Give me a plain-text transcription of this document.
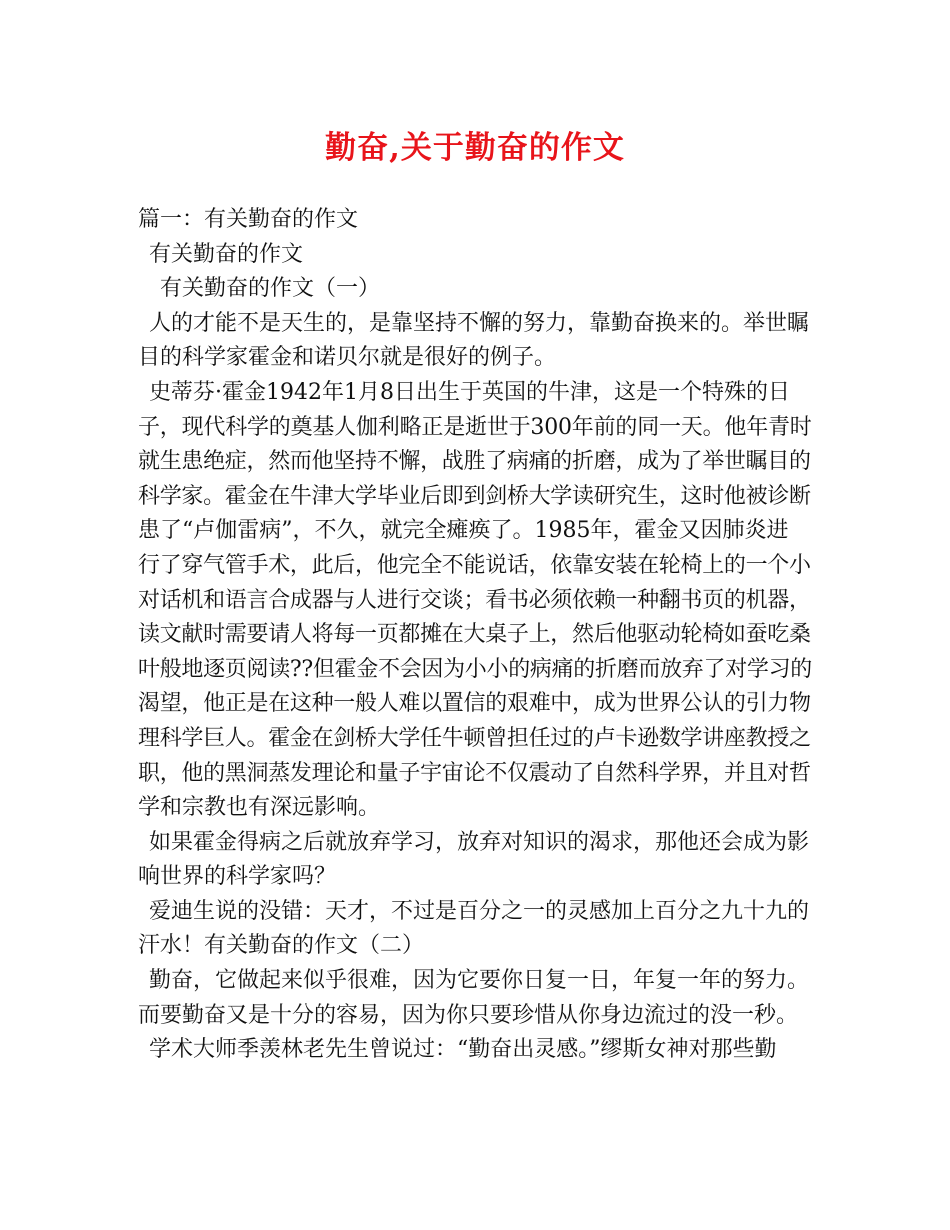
勤奋,关于勤奋的作文
篇一：有关勤奋的作文
有关勤奋的作文
有关勤奋的作文（一）
人的才能不是天生的，是靠坚持不懈的努力，靠勤奋换来的。举世瞩
目的科学家霍金和诺贝尔就是很好的例子。
史蒂芬·霍金1942年1月8日出生于英国的牛津，这是一个特殊的日
子，现代科学的奠基人伽利略正是逝世于300年前的同一天。他年青时
就生患绝症，然而他坚持不懈，战胜了病痛的折磨，成为了举世瞩目的
科学家。霍金在牛津大学毕业后即到剑桥大学读研究生，这时他被诊断
患了“卢伽雷病”，不久，就完全瘫痪了。1985年，霍金又因肺炎进
行了穿气管手术，此后，他完全不能说话，依靠安装在轮椅上的一个小
对话机和语言合成器与人进行交谈；看书必须依赖一种翻书页的机器，
读文献时需要请人将每一页都摊在大桌子上，然后他驱动轮椅如蚕吃桑
叶般地逐页阅读??但霍金不会因为小小的病痛的折磨而放弃了对学习的
渴望，他正是在这种一般人难以置信的艰难中，成为世界公认的引力物
理科学巨人。霍金在剑桥大学任牛顿曾担任过的卢卡逊数学讲座教授之
职，他的黑洞蒸发理论和量子宇宙论不仅震动了自然科学界，并且对哲
学和宗教也有深远影响。
如果霍金得病之后就放弃学习，放弃对知识的渴求，那他还会成为影
响世界的科学家吗？
爱迪生说的没错：天才，不过是百分之一的灵感加上百分之九十九的
汗水！有关勤奋的作文（二）
勤奋，它做起来似乎很难，因为它要你日复一日，年复一年的努力。
而要勤奋又是十分的容易，因为你只要珍惜从你身边流过的没一秒。
学术大师季羡林老先生曾说过：“勤奋出灵感。”缪斯女神对那些勤
